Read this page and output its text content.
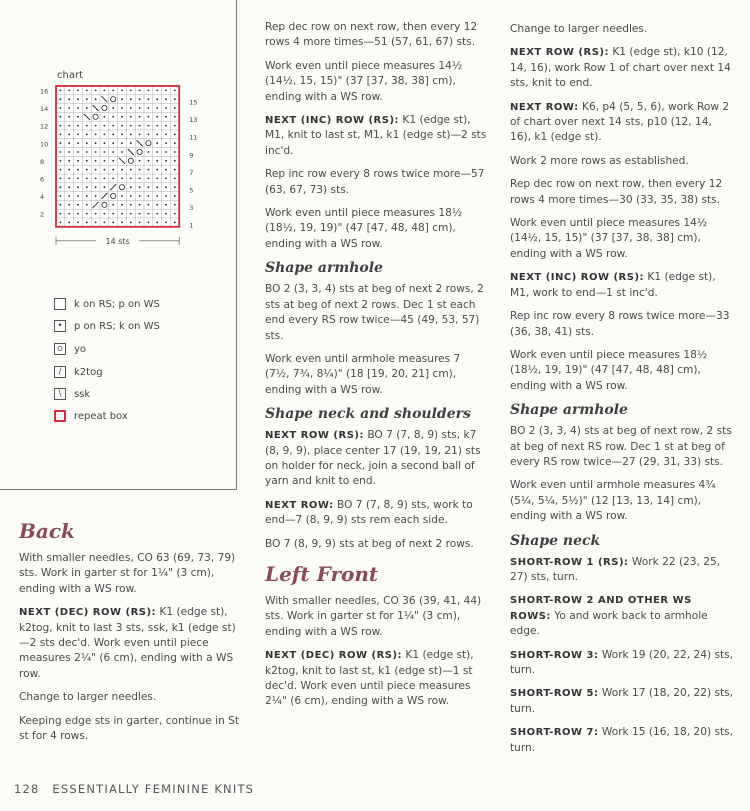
chart
16
14
12
10
8
6
4
2
15
13
11
9
7
5
3
1
14 sts
k on RS; p on WS
• p on RS; k on WS
O yo
/ k2tog
\ ssk
repeat box
Back
With smaller needles, CO 63 (69, 73, 79) sts. Work in garter st for 1¼" (3 cm), ending with a WS row.
NEXT (DEC) ROW (RS): K1 (edge st), k2tog, knit to last 3 sts, ssk, k1 (edge st)—2 sts dec'd. Work even until piece measures 2¼" (6 cm), ending with a WS row.
Change to larger needles.
Keeping edge sts in garter, continue in St st for 4 rows.
Rep dec row on next row, then every 12 rows 4 more times—51 (57, 61, 67) sts.
Work even until piece measures 14½ (14½, 15, 15)" (37 [37, 38, 38] cm), ending with a WS row.
NEXT (INC) ROW (RS): K1 (edge st), M1, knit to last st, M1, k1 (edge st)—2 sts inc'd.
Rep inc row every 8 rows twice more—57 (63, 67, 73) sts.
Work even until piece measures 18½ (18½, 19, 19)" (47 [47, 48, 48] cm), ending with a WS row.
Shape armhole
BO 2 (3, 3, 4) sts at beg of next 2 rows, 2 sts at beg of next 2 rows. Dec 1 st each end every RS row twice—45 (49, 53, 57) sts.
Work even until armhole measures 7 (7½, 7¾, 8¼)" (18 [19, 20, 21] cm), ending with a WS row.
Shape neck and shoulders
NEXT ROW (RS): BO 7 (7, 8, 9) sts, k7 (8, 9, 9), place center 17 (19, 19, 21) sts on holder for neck, join a second ball of yarn and knit to end.
NEXT ROW: BO 7 (7, 8, 9) sts, work to end—7 (8, 9, 9) sts rem each side.
BO 7 (8, 9, 9) sts at beg of next 2 rows.
Left Front
With smaller needles, CO 36 (39, 41, 44) sts. Work in garter st for 1¼" (3 cm), ending with a WS row.
NEXT (DEC) ROW (RS): K1 (edge st), k2tog, knit to last st, k1 (edge st)—1 st dec'd. Work even until piece measures 2¼" (6 cm), ending with a WS row.
Change to larger needles.
NEXT ROW (RS): K1 (edge st), k10 (12, 14, 16), work Row 1 of chart over next 14 sts, knit to end.
NEXT ROW: K6, p4 (5, 5, 6), work Row 2 of chart over next 14 sts, p10 (12, 14, 16), k1 (edge st).
Work 2 more rows as established.
Rep dec row on next row, then every 12 rows 4 more times—30 (33, 35, 38) sts.
Work even until piece measures 14½ (14½, 15, 15)" (37 [37, 38, 38] cm), ending with a WS row.
NEXT (INC) ROW (RS): K1 (edge st), M1, work to end—1 st inc'd.
Rep inc row every 8 rows twice more—33 (36, 38, 41) sts.
Work even until piece measures 18½ (18½, 19, 19)" (47 [47, 48, 48] cm), ending with a WS row.
Shape armhole
BO 2 (3, 3, 4) sts at beg of next row, 2 sts at beg of next RS row. Dec 1 st at beg of every RS row twice—27 (29, 31, 33) sts.
Work even until armhole measures 4¾ (5¼, 5¼, 5½)" (12 [13, 13, 14] cm), ending with a WS row.
Shape neck
SHORT-ROW 1 (RS): Work 22 (23, 25, 27) sts, turn.
SHORT-ROW 2 AND OTHER WS ROWS: Yo and work back to armhole edge.
SHORT-ROW 3: Work 19 (20, 22, 24) sts, turn.
SHORT-ROW 5: Work 17 (18, 20, 22) sts, turn.
SHORT-ROW 7: Work 15 (16, 18, 20) sts, turn.
128 ESSENTIALLY FEMININE KNITS
